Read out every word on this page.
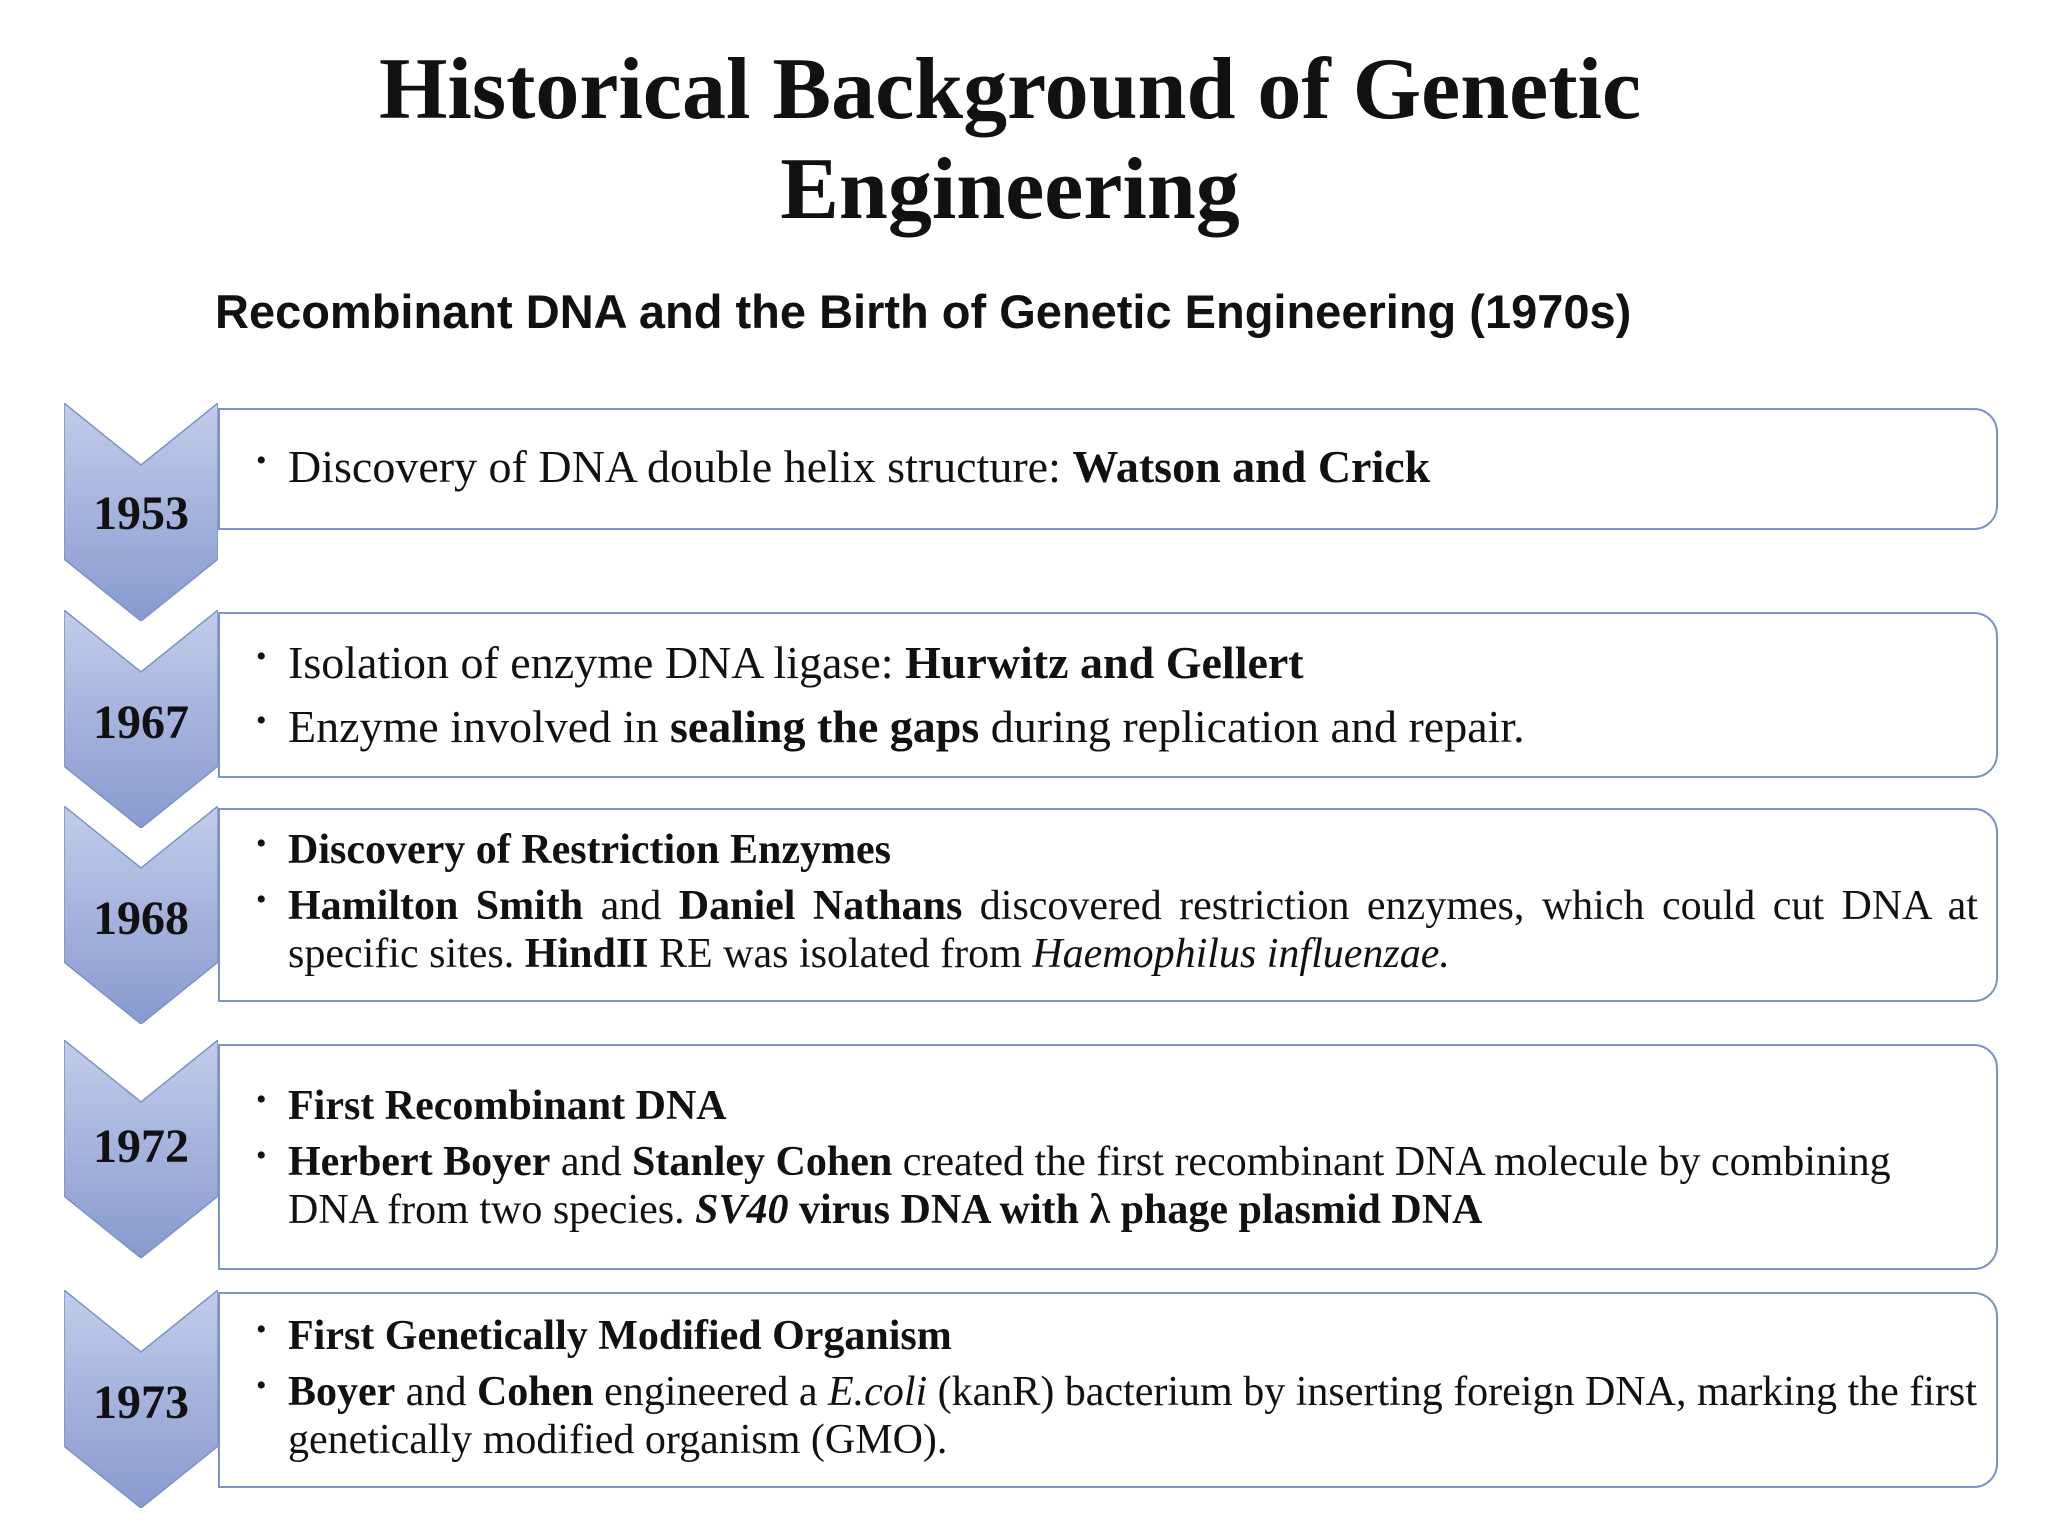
Historical Background of Genetic Engineering
Recombinant DNA and the Birth of Genetic Engineering (1970s)
1953
• Discovery of DNA double helix structure: Watson and Crick
1967
• Isolation of enzyme DNA ligase: Hurwitz and Gellert
• Enzyme involved in sealing the gaps during replication and repair.
1968
• Discovery of Restriction Enzymes
• Hamilton Smith and Daniel Nathans discovered restriction enzymes, which could cut DNA at specific sites. HindII RE was isolated from Haemophilus influenzae.
1972
• First Recombinant DNA
• Herbert Boyer and Stanley Cohen created the first recombinant DNA molecule by combining DNA from two species. SV40 virus DNA with λ phage plasmid DNA
1973
• First Genetically Modified Organism
• Boyer and Cohen engineered a E.coli (kanR) bacterium by inserting foreign DNA, marking the first genetically modified organism (GMO).
